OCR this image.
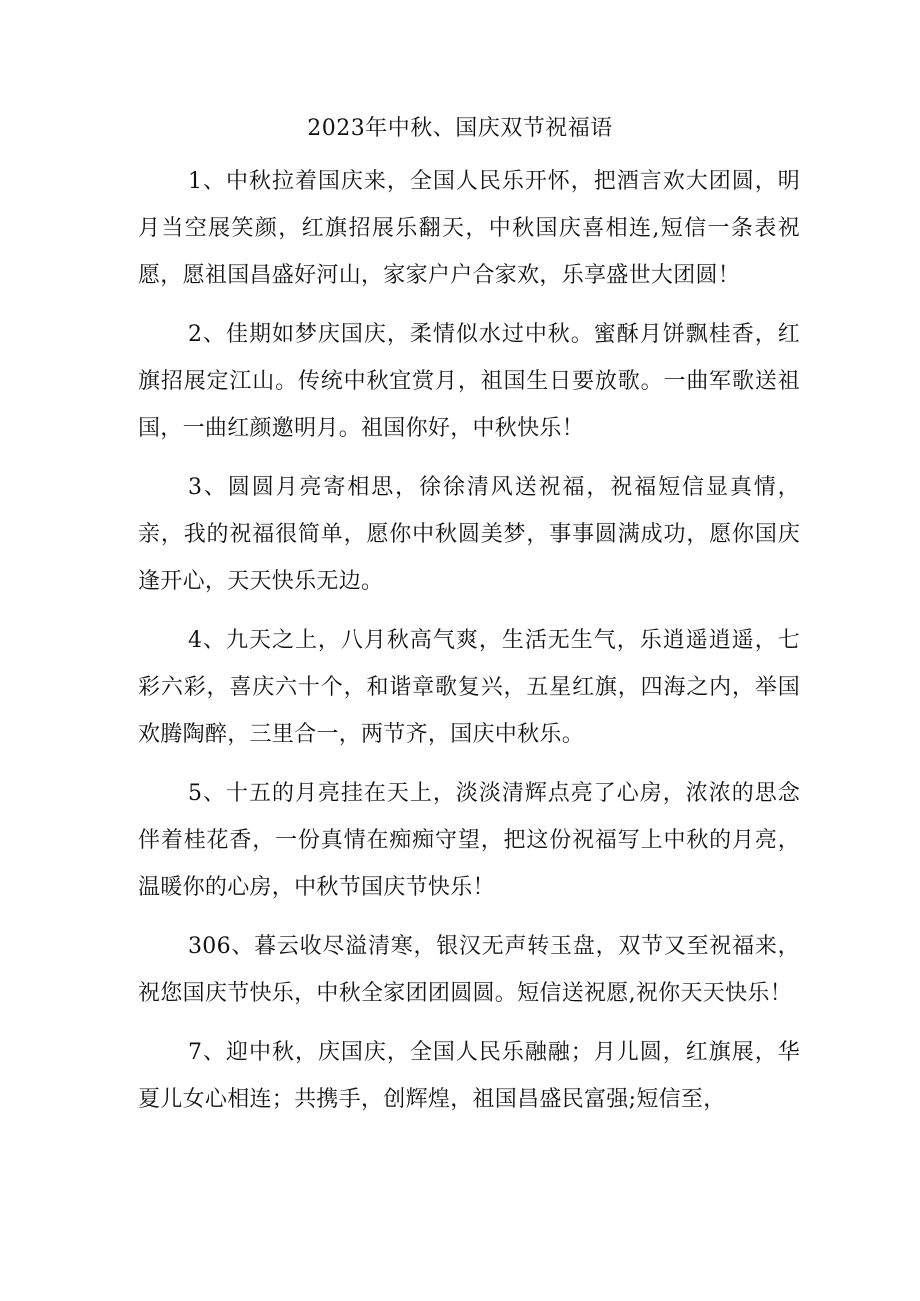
2023年中秋、国庆双节祝福语

1、中秋拉着国庆来，全国人民乐开怀，把酒言欢大团圆，明月当空展笑颜，红旗招展乐翻天，中秋国庆喜相连,短信一条表祝愿，愿祖国昌盛好河山，家家户户合家欢，乐享盛世大团圆！

2、佳期如梦庆国庆，柔情似水过中秋。蜜酥月饼飘桂香，红旗招展定江山。传统中秋宜赏月，祖国生日要放歌。一曲军歌送祖国，一曲红颜邀明月。祖国你好，中秋快乐！

3、圆圆月亮寄相思，徐徐清风送祝福，祝福短信显真情，亲，我的祝福很简单，愿你中秋圆美梦，事事圆满成功，愿你国庆逢开心，天天快乐无边。

4、九天之上，八月秋高气爽，生活无生气，乐逍遥逍遥，七彩六彩，喜庆六十个，和谐章歌复兴，五星红旗，四海之内，举国欢腾陶醉，三里合一，两节齐，国庆中秋乐。

5、十五的月亮挂在天上，淡淡清辉点亮了心房，浓浓的思念伴着桂花香，一份真情在痴痴守望，把这份祝福写上中秋的月亮，温暖你的心房，中秋节国庆节快乐！

306、暮云收尽溢清寒，银汉无声转玉盘，双节又至祝福来，祝您国庆节快乐，中秋全家团团圆圆。短信送祝愿,祝你天天快乐！

7、迎中秋，庆国庆，全国人民乐融融；月儿圆，红旗展，华夏儿女心相连；共携手，创辉煌，祖国昌盛民富强;短信至，
